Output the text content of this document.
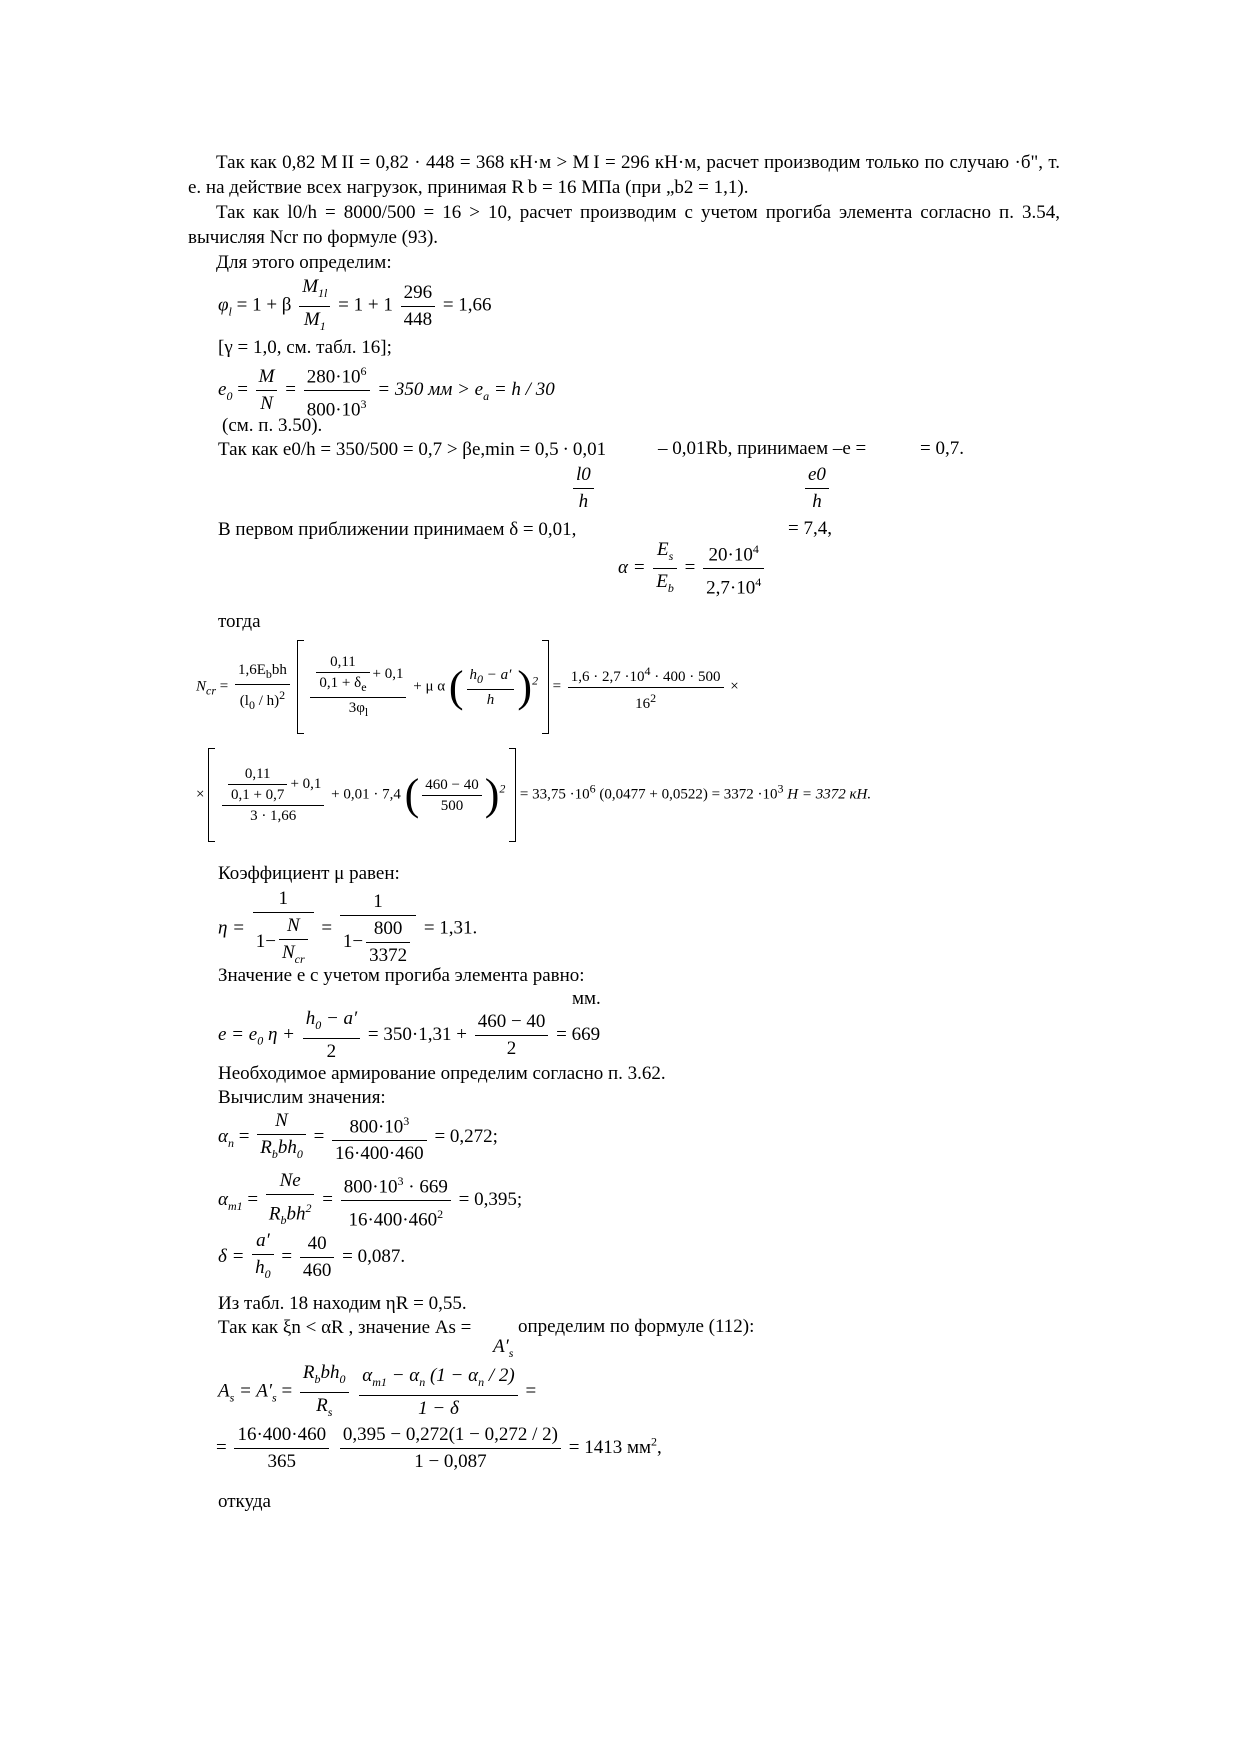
Так как 0,82 M II = 0,82 · 448 = 368 кН·м > M I = 296 кН·м, расчет производим только по случаю ·б", т. е. на действие всех нагрузок, принимая R b = 16 МПа (при „b2 = 1,1).

Так как l0/h = 8000/500 = 16 > 10, расчет производим с учетом прогиба элемента согласно п. 3.54, вычисляя Ncr по формуле (93).

Для этого определим:

$\varphi_l = 1 + \beta \frac{M_{1l}}{M_1} = 1 + 1 \frac{296}{448} = 1,66$
[γ = 1,0, см. табл. 16];
$e_0 = \frac{M}{N} = \frac{280\cdot 10^6}{800\cdot 10^3} = 350$ мм > $e_a = h / 30$
(см. п. 3.50).
Так как e0/h = 350/500 = 0,7 > βe,min = 0,5 ∙ 0,01	– 0,01Rb, принимаем –e =	= 0,7.
$\frac{l0}{h}$	$\frac{e0}{h}$
В первом приближении принимаем δ = 0,01,	= 7,4,
$\alpha = \frac{E_s}{E_b} = \frac{20\cdot 10^4}{2,7\cdot 10^4}$
тогда
$N_{cr} = \frac{1,6E_bbh}{(l_0 / h)^2}$
$\frac{\frac{0,11}{0,1 + \delta_e} + 0,1}{3\varphi_l} + \mu$ α ( $\frac{h_0 - a'}{h} )^2 = \frac{1,6 \cdot 2,7 \cdot 10^4 \cdot 400 \cdot 500}{16^2}$ ×
× $\frac{\frac{0,11}{0,1 + 0,7} + 0,1}{3 \cdot 1,66} + 0,01 \cdot 7,4$ ( $\frac{460 - 40}{500} )^2 = 33,75 \cdot 10^6$ $(0,0477 + 0,0522) = 3372 \cdot 10^3$ H = 3372 кH.
Коэффициент μ равен:
$\eta = \frac{1}{1- \frac{N}{N_{cr}}} = \frac{1}{1- \frac{800}{3372}} = 1,31$.
Значение e с учетом прогиба элемента равно:
мм.
$e = e_0$ $\eta + \frac{h_0 - a'}{2} = 350\cdot 1,31 + \frac{460 - 40}{2} = 669$
Необходимое армирование определим согласно п. 3.62.
Вычислим значения:
$\alpha_n = \frac{N}{R_bbh_0} = \frac{800\cdot 10^3}{16\cdot 400\cdot 460} = 0,272$;
$\alpha_{m1} = \frac{Ne}{R_bbh^2} = \frac{800\cdot 10^3 \cdot 669}{16\cdot 400\cdot 460^2} = 0,395$;
$\delta = \frac{a'}{h_0} = \frac{40}{460} = 0,087$.
Из табл. 18 находим ηR = 0,55.
Так как ξn < αR , значение As = определим по формуле (112):
$A'_s$
$A_s = A'_s = \frac{R_bbh_0}{R_s}$
$\frac{\alpha_{m1} - \alpha_n (1 - \alpha_n / 2)}{1 - \delta}$ =
= $\frac{16\cdot 400\cdot 460}{365}$
$\frac{0,395 - 0,272(1 - 0,272 / 2)}{1 - 0,087} = 1413$ $мм^2$,
откуда
